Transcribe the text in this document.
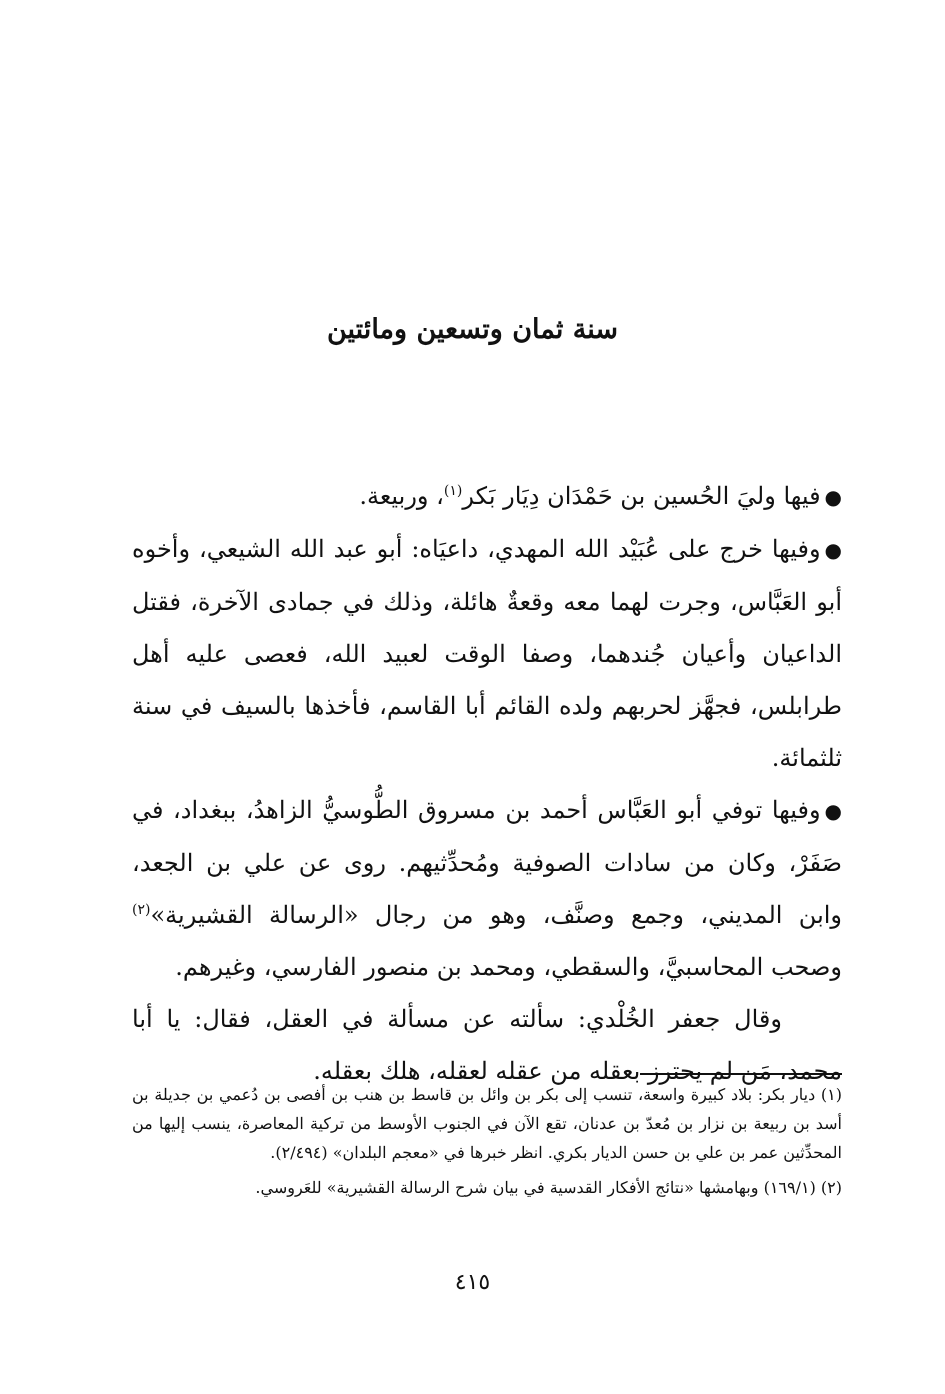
سنة ثمان وتسعين ومائتين

●فيها وليَ الحُسين بن حَمْدَان دِيَار بَكر$^{(١)}$، وربيعة.

●وفيها خرج على عُبَيْد الله المهدي، داعيَاه: أبو عبد الله الشيعي، وأخوه أبو العَبَّاس، وجرت لهما معه وقعةٌ هائلة، وذلك في جمادى الآخرة، فقتل الداعيان وأعيان جُندهما، وصفا الوقت لعبيد الله، فعصى عليه أهل طرابلس، فجهَّز لحربهم ولده القائم أبا القاسم، فأخذها بالسيف في سنة ثلثمائة.

●وفيها توفي أبو العَبَّاس أحمد بن مسروق الطُّوسيُّ الزاهدُ، ببغداد، في صَفَرْ، وكان من سادات الصوفية ومُحدِّثيهم. روى عن علي بن الجعد، وابن المديني، وجمع وصنَّف، وهو من رجال «الرسالة القشيرية»$^{(٢)}$ وصحب المحاسبيَّ، والسقطي، ومحمد بن منصور الفارسي، وغيرهم.

وقال جعفر الخُلْدي: سألته عن مسألة في العقل، فقال: يا أبا محمد، مَن لم يحترز بعقله من عقله لعقله، هلك بعقله.

(١) ديار بكر: بلاد كبيرة واسعة، تنسب إلى بكر بن وائل بن قاسط بن هنب بن أفصى بن دُعمي بن جديلة بن أسد بن ربيعة بن نزار بن مُعدّ بن عدنان، تقع الآن في الجنوب الأوسط من تركية المعاصرة، ينسب إليها من المحدِّثين عمر بن علي بن حسن الديار بكري. انظر خبرها في «معجم البلدان» (٢/٤٩٤).

(٢) (١٦٩/١) وبهامشها «نتائج الأفكار القدسية في بيان شرح الرسالة القشيرية» للعَروسي.

٤١٥
